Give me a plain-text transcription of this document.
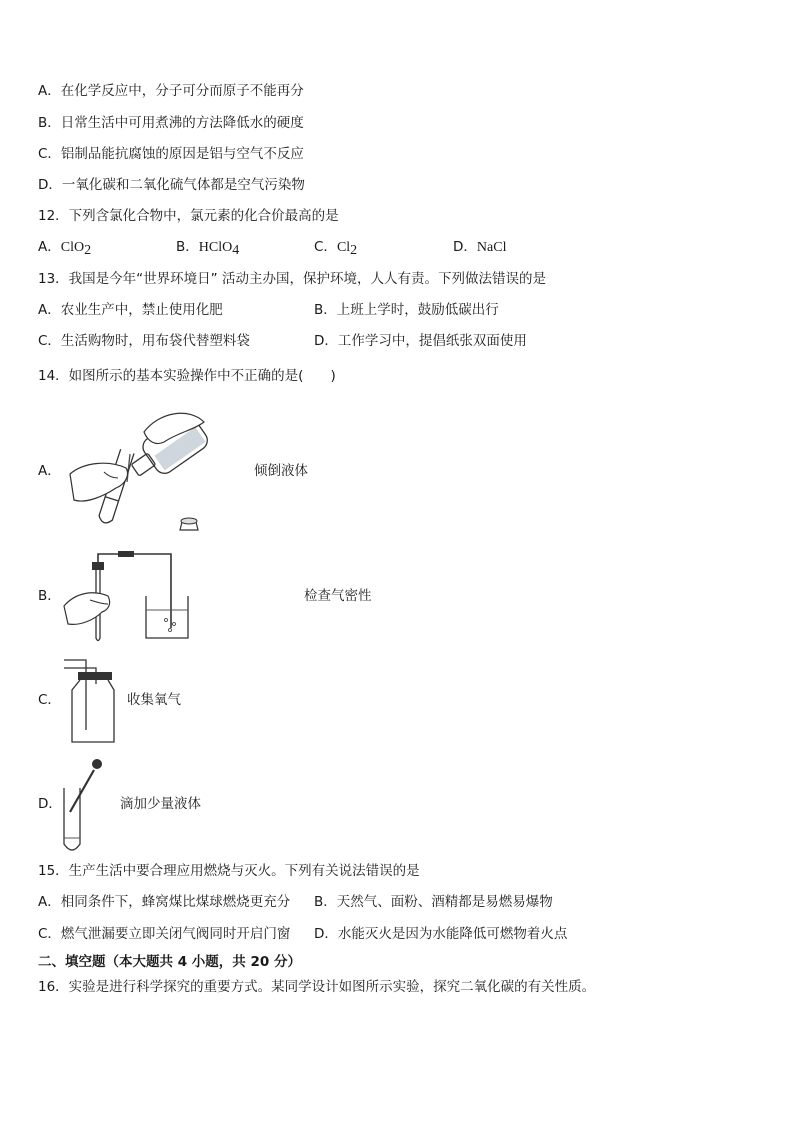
A．在化学反应中，分子可分而原子不能再分
B．日常生活中可用煮沸的方法降低水的硬度
C．铝制品能抗腐蚀的原因是铝与空气不反应
D．一氧化碳和二氧化硫气体都是空气污染物
12．下列含氯化合物中，氯元素的化合价最高的是
A．ClO$_2$	B．HClO$_4$	C．$Cl_2$	D．NaCl
13．我国是今年“世界环境日” 活动主办国，保护环境，人人有责。下列做法错误的是
A．农业生产中，禁止使用化肥	B．上班上学时，鼓励低碳出行
C．生活购物时，用布袋代替塑料袋	D．工作学习中，提倡纸张双面使用
14．如图所示的基本实验操作中不正确的是(　　)
A．	倾倒液体
B．	检查气密性
C．	收集氧气
D．	滴加少量液体
15．生产生活中要合理应用燃烧与灭火。下列有关说法错误的是
A．相同条件下，蜂窝煤比煤球燃烧更充分 B．天然气、面粉、酒精都是易燃易爆物
C．燃气泄漏要立即关闭气阀同时开启门窗 D．水能灭火是因为水能降低可燃物着火点
二、填空题（本大题共 4 小题，共 20 分）
16．实验是进行科学探究的重要方式。某同学设计如图所示实验，探究二氧化碳的有关性质。
